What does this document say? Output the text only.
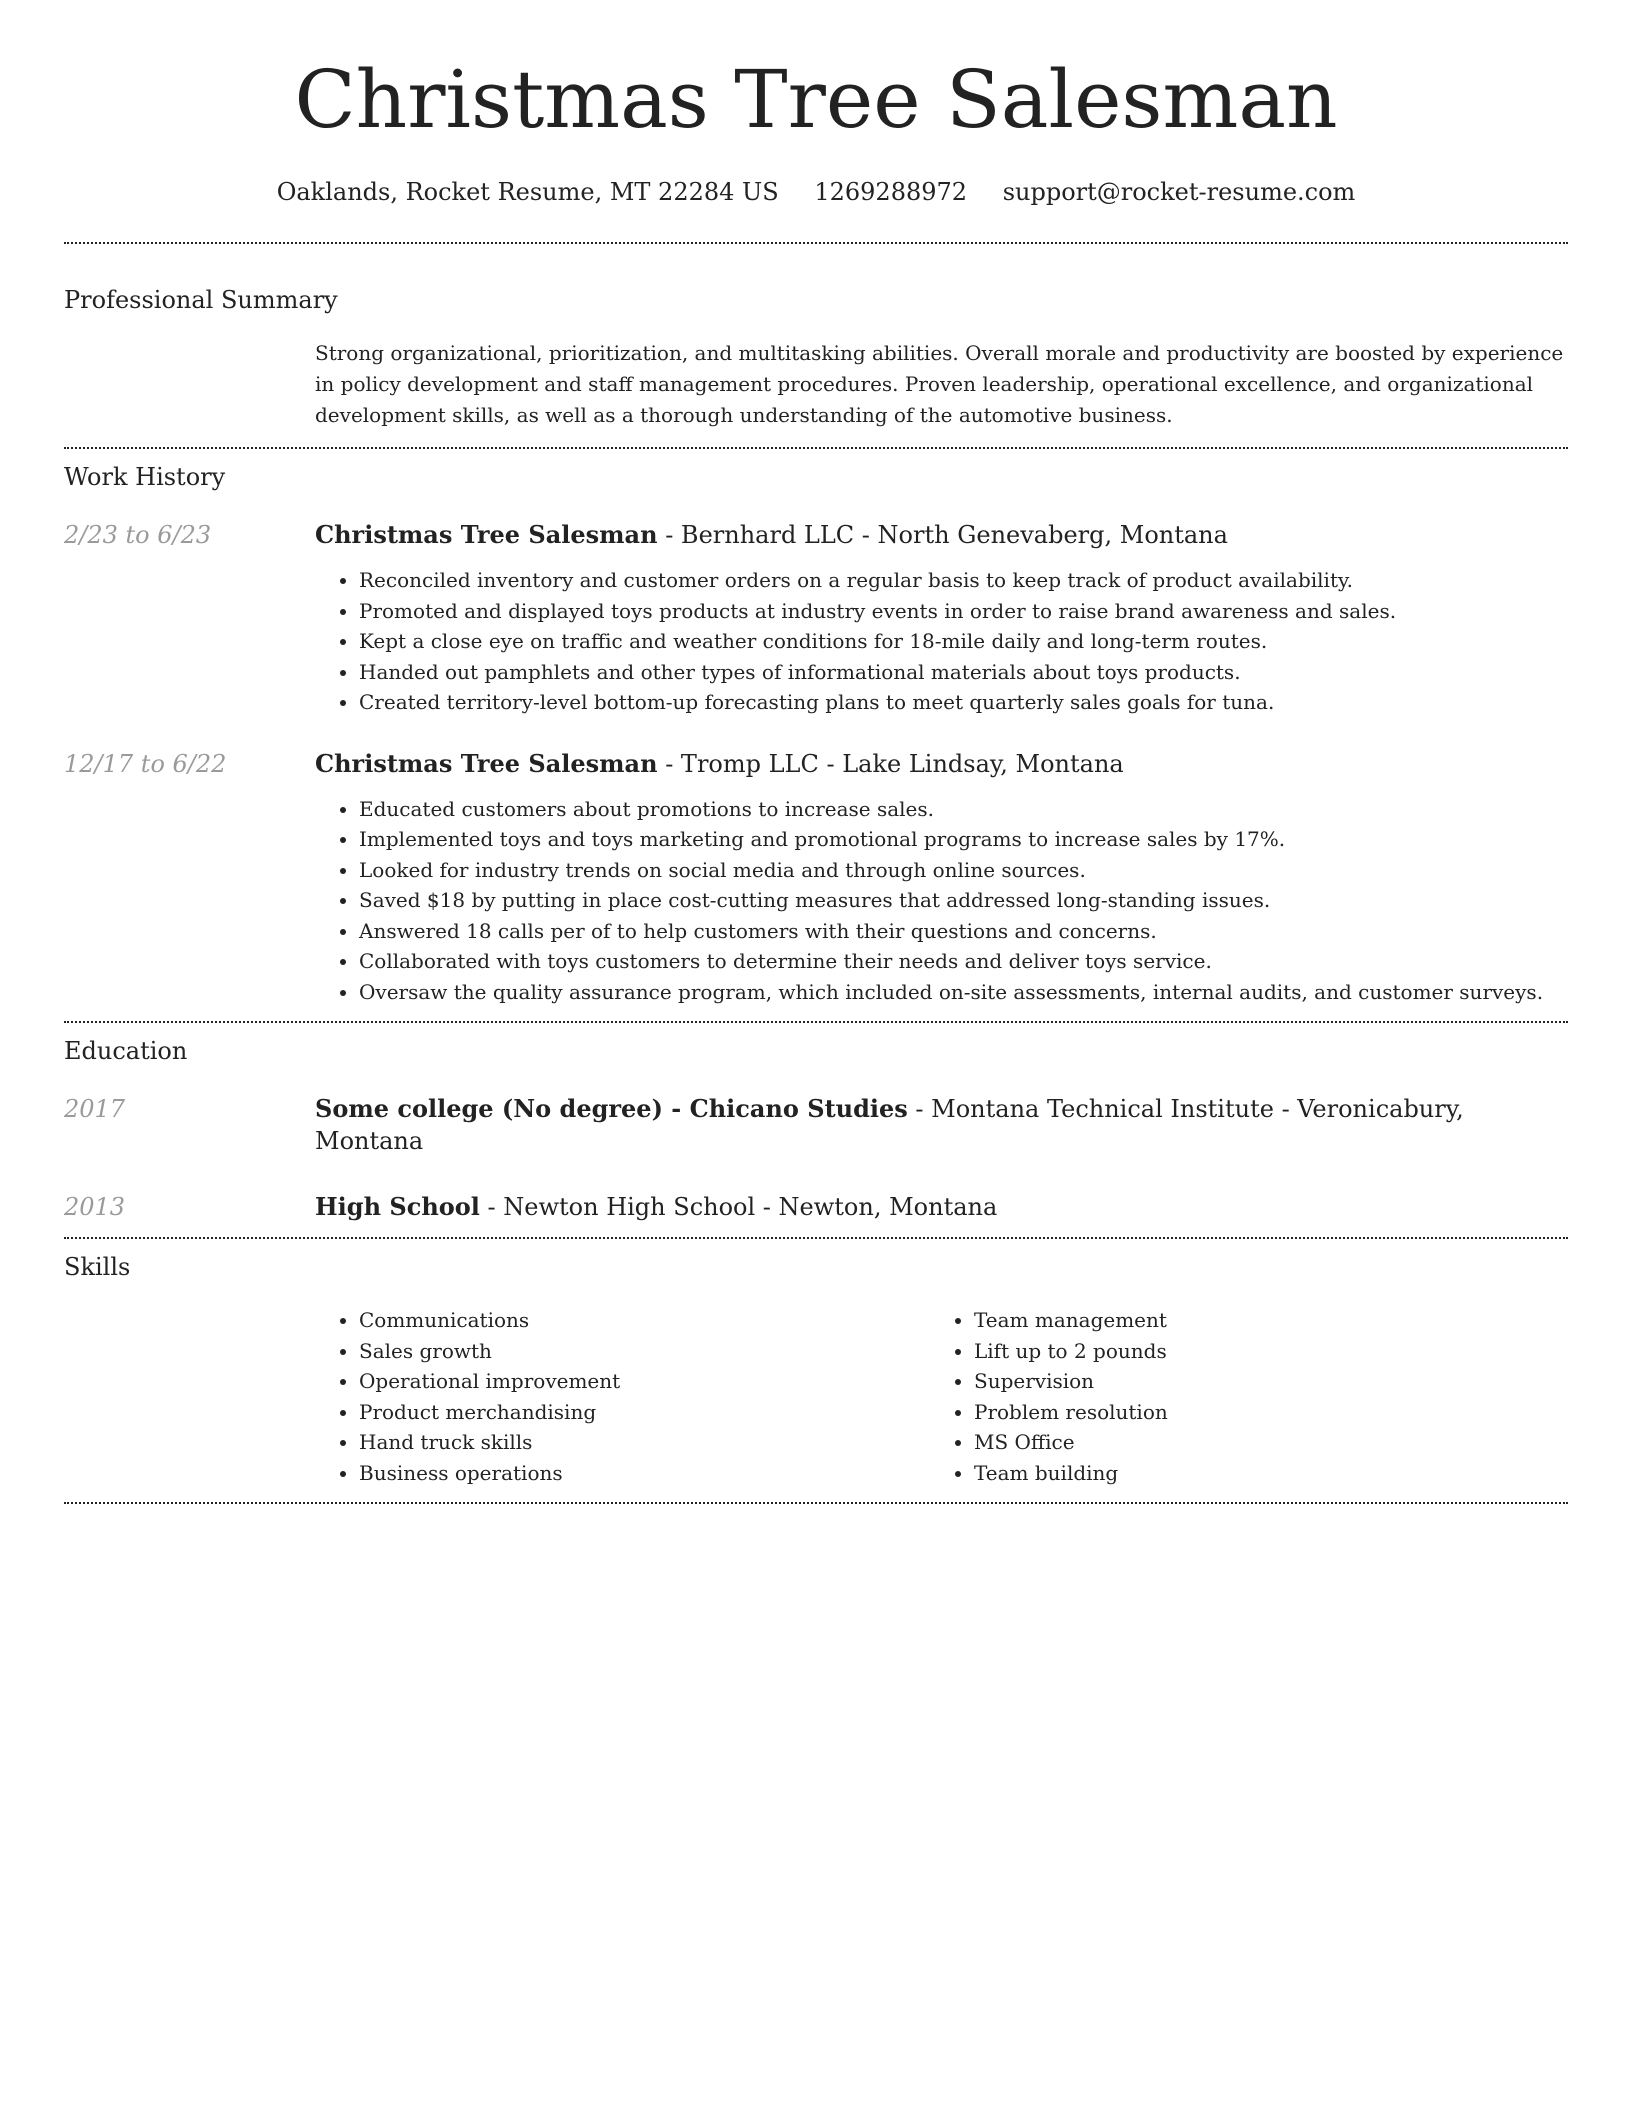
Christmas Tree Salesman
Oaklands, Rocket Resume, MT 22284 US 1269288972 support@rocket-resume.com
Professional Summary
Strong organizational, prioritization, and multitasking abilities. Overall morale and productivity are boosted by experience in policy development and staff management procedures. Proven leadership, operational excellence, and organizational development skills, as well as a thorough understanding of the automotive business.
Work History
2/23 to 6/23	Christmas Tree Salesman - Bernhard LLC - North Genevaberg, Montana
• Reconciled inventory and customer orders on a regular basis to keep track of product availability.
• Promoted and displayed toys products at industry events in order to raise brand awareness and sales.
• Kept a close eye on traffic and weather conditions for 18-mile daily and long-term routes.
• Handed out pamphlets and other types of informational materials about toys products.
• Created territory-level bottom-up forecasting plans to meet quarterly sales goals for tuna.
12/17 to 6/22	Christmas Tree Salesman - Tromp LLC - Lake Lindsay, Montana
• Educated customers about promotions to increase sales.
• Implemented toys and toys marketing and promotional programs to increase sales by 17%.
• Looked for industry trends on social media and through online sources.
• Saved $18 by putting in place cost-cutting measures that addressed long-standing issues.
• Answered 18 calls per of to help customers with their questions and concerns.
• Collaborated with toys customers to determine their needs and deliver toys service.
• Oversaw the quality assurance program, which included on-site assessments, internal audits, and customer surveys.
Education
2017	Some college (No degree) - Chicano Studies - Montana Technical Institute - Veronicabury, Montana
2013	High School - Newton High School - Newton, Montana
Skills
• Communications
• Sales growth
• Operational improvement
• Product merchandising
• Hand truck skills
• Business operations
• Team management
• Lift up to 2 pounds
• Supervision
• Problem resolution
• MS Office
• Team building
